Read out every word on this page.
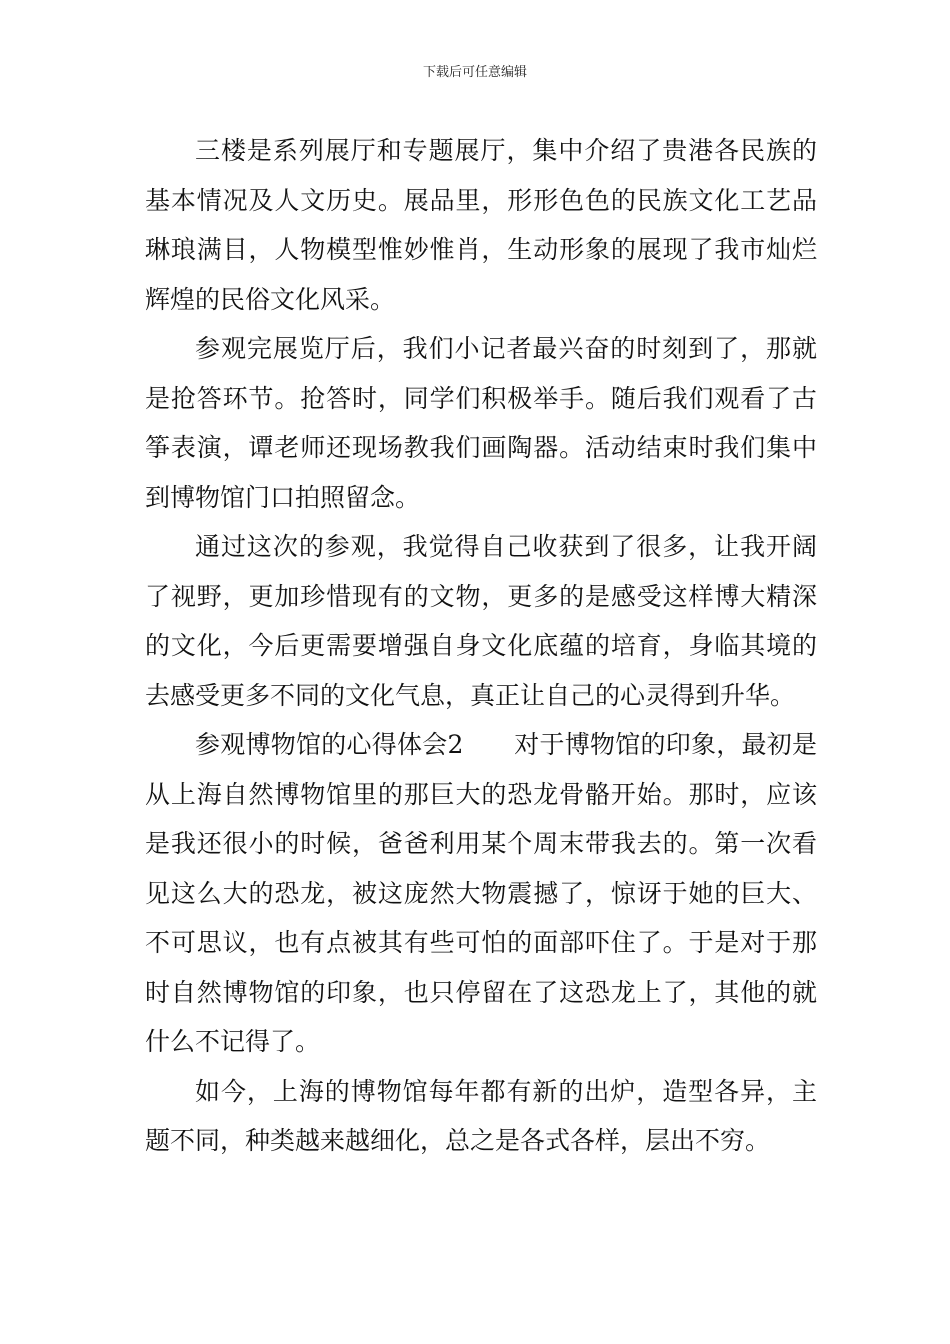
下载后可任意编辑

三楼是系列展厅和专题展厅，集中介绍了贵港各民族的基本情况及人文历史。展品里，形形色色的民族文化工艺品琳琅满目，人物模型惟妙惟肖，生动形象的展现了我市灿烂辉煌的民俗文化风采。

参观完展览厅后，我们小记者最兴奋的时刻到了，那就是抢答环节。抢答时，同学们积极举手。随后我们观看了古筝表演，谭老师还现场教我们画陶器。活动结束时我们集中到博物馆门口拍照留念。

通过这次的参观，我觉得自己收获到了很多，让我开阔了视野，更加珍惜现有的文物，更多的是感受这样博大精深的文化，今后更需要增强自身文化底蕴的培育，身临其境的去感受更多不同的文化气息，真正让自己的心灵得到升华。

参观博物馆的心得体会2　　对于博物馆的印象，最初是从上海自然博物馆里的那巨大的恐龙骨骼开始。那时，应该是我还很小的时候，爸爸利用某个周末带我去的。第一次看见这么大的恐龙，被这庞然大物震撼了，惊讶于她的巨大、不可思议，也有点被其有些可怕的面部吓住了。于是对于那时自然博物馆的印象，也只停留在了这恐龙上了，其他的就什么不记得了。

如今，上海的博物馆每年都有新的出炉，造型各异，主题不同，种类越来越细化，总之是各式各样，层出不穷。
